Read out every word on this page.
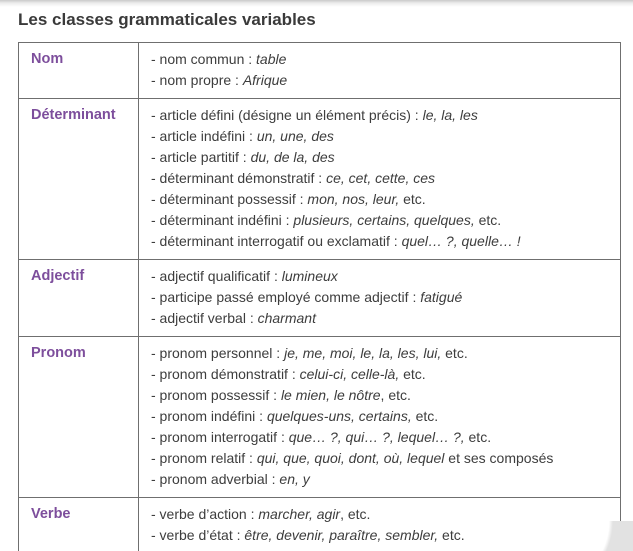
Les classes grammaticales variables
Nom	- nom commun : table
- nom propre : Afrique

Déterminant	- article défini (désigne un élément précis) : le, la, les
- article indéfini : un, une, des
- article partitif : du, de la, des
- déterminant démonstratif : ce, cet, cette, ces
- déterminant possessif : mon, nos, leur, etc.
- déterminant indéfini : plusieurs, certains, quelques, etc.
- déterminant interrogatif ou exclamatif : quel… ?, quelle… !

Adjectif	- adjectif qualificatif : lumineux
- participe passé employé comme adjectif : fatigué
- adjectif verbal : charmant

Pronom	- pronom personnel : je, me, moi, le, la, les, lui, etc.
- pronom démonstratif : celui-ci, celle-là, etc.
- pronom possessif : le mien, le nôtre, etc.
- pronom indéfini : quelques-uns, certains, etc.
- pronom interrogatif : que… ?, qui… ?, lequel… ?, etc.
- pronom relatif : qui, que, quoi, dont, où, lequel et ses composés
- pronom adverbial : en, y

Verbe	- verbe d’action : marcher, agir, etc.
- verbe d’état : être, devenir, paraître, sembler, etc.
